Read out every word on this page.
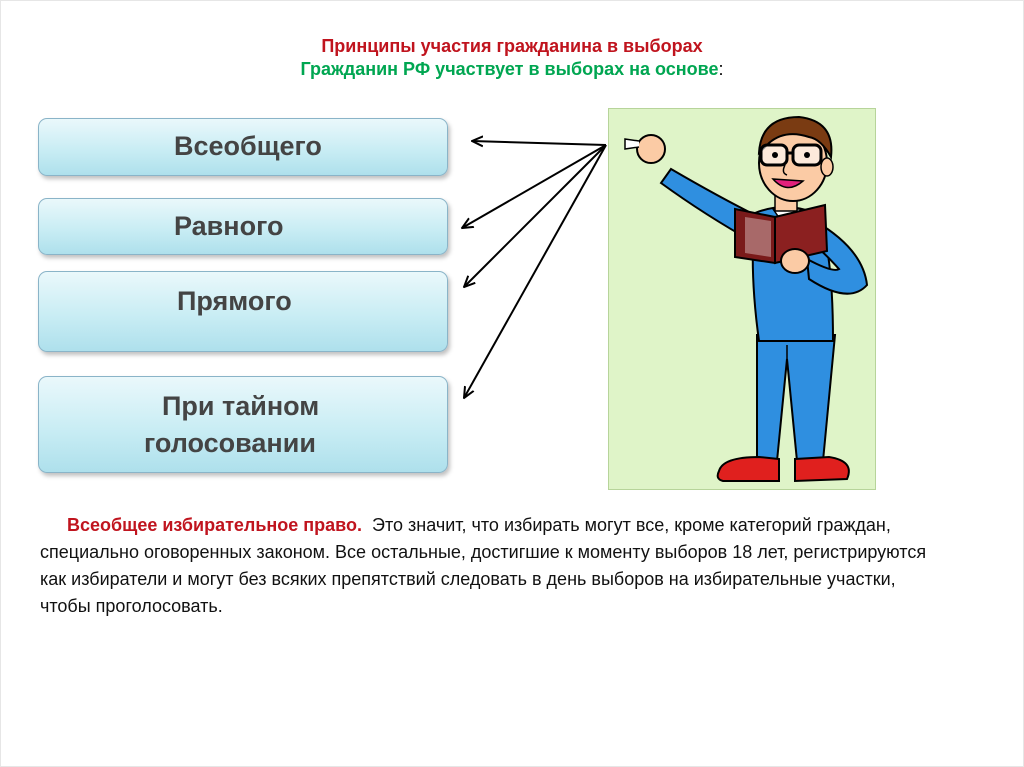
Принципы участия гражданина в выборах
Гражданин РФ участвует в выборах на основе:
Всеобщего
Равного
Прямого
При тайном
голосовании
Всеобщее избирательное право. Это значит, что избирать могут все, кроме категорий граждан, специально оговоренных законом. Все остальные, достигшие к моменту выборов 18 лет, регистрируются как избиратели и могут без всяких препятствий следовать в день выборов на избирательные участки, чтобы проголосовать.
